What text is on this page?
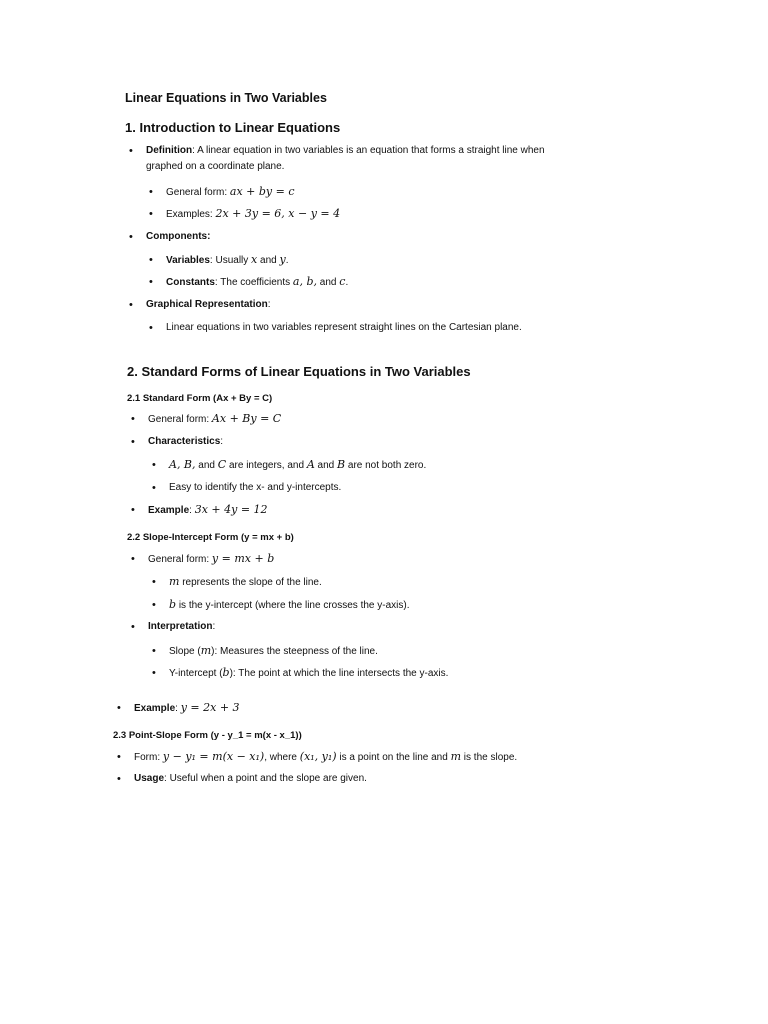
Linear Equations in Two Variables
1. Introduction to Linear Equations
• Definition: A linear equation in two variables is an equation that forms a straight line when graphed on a coordinate plane.
• General form: ax + by = c
• Examples: 2x + 3y = 6, x − y = 4
• Components:
• Variables: Usually x and y.
• Constants: The coefficients a, b, and c.
• Graphical Representation:
• Linear equations in two variables represent straight lines on the Cartesian plane.
2. Standard Forms of Linear Equations in Two Variables
2.1 Standard Form (Ax + By = C)
• General form: Ax + By = C
• Characteristics:
• A, B, and C are integers, and A and B are not both zero.
• Easy to identify the x- and y-intercepts.
• Example: 3x + 4y = 12
2.2 Slope-Intercept Form (y = mx + b)
• General form: y = mx + b
• m represents the slope of the line.
• b is the y-intercept (where the line crosses the y-axis).
• Interpretation:
• Slope (m): Measures the steepness of the line.
• Y-intercept (b): The point at which the line intersects the y-axis.
• Example: y = 2x + 3
2.3 Point-Slope Form (y - y_1 = m(x - x_1))
• Form: y − y₁ = m(x − x₁), where (x₁, y₁) is a point on the line and m is the slope.
• Usage: Useful when a point and the slope are given.
